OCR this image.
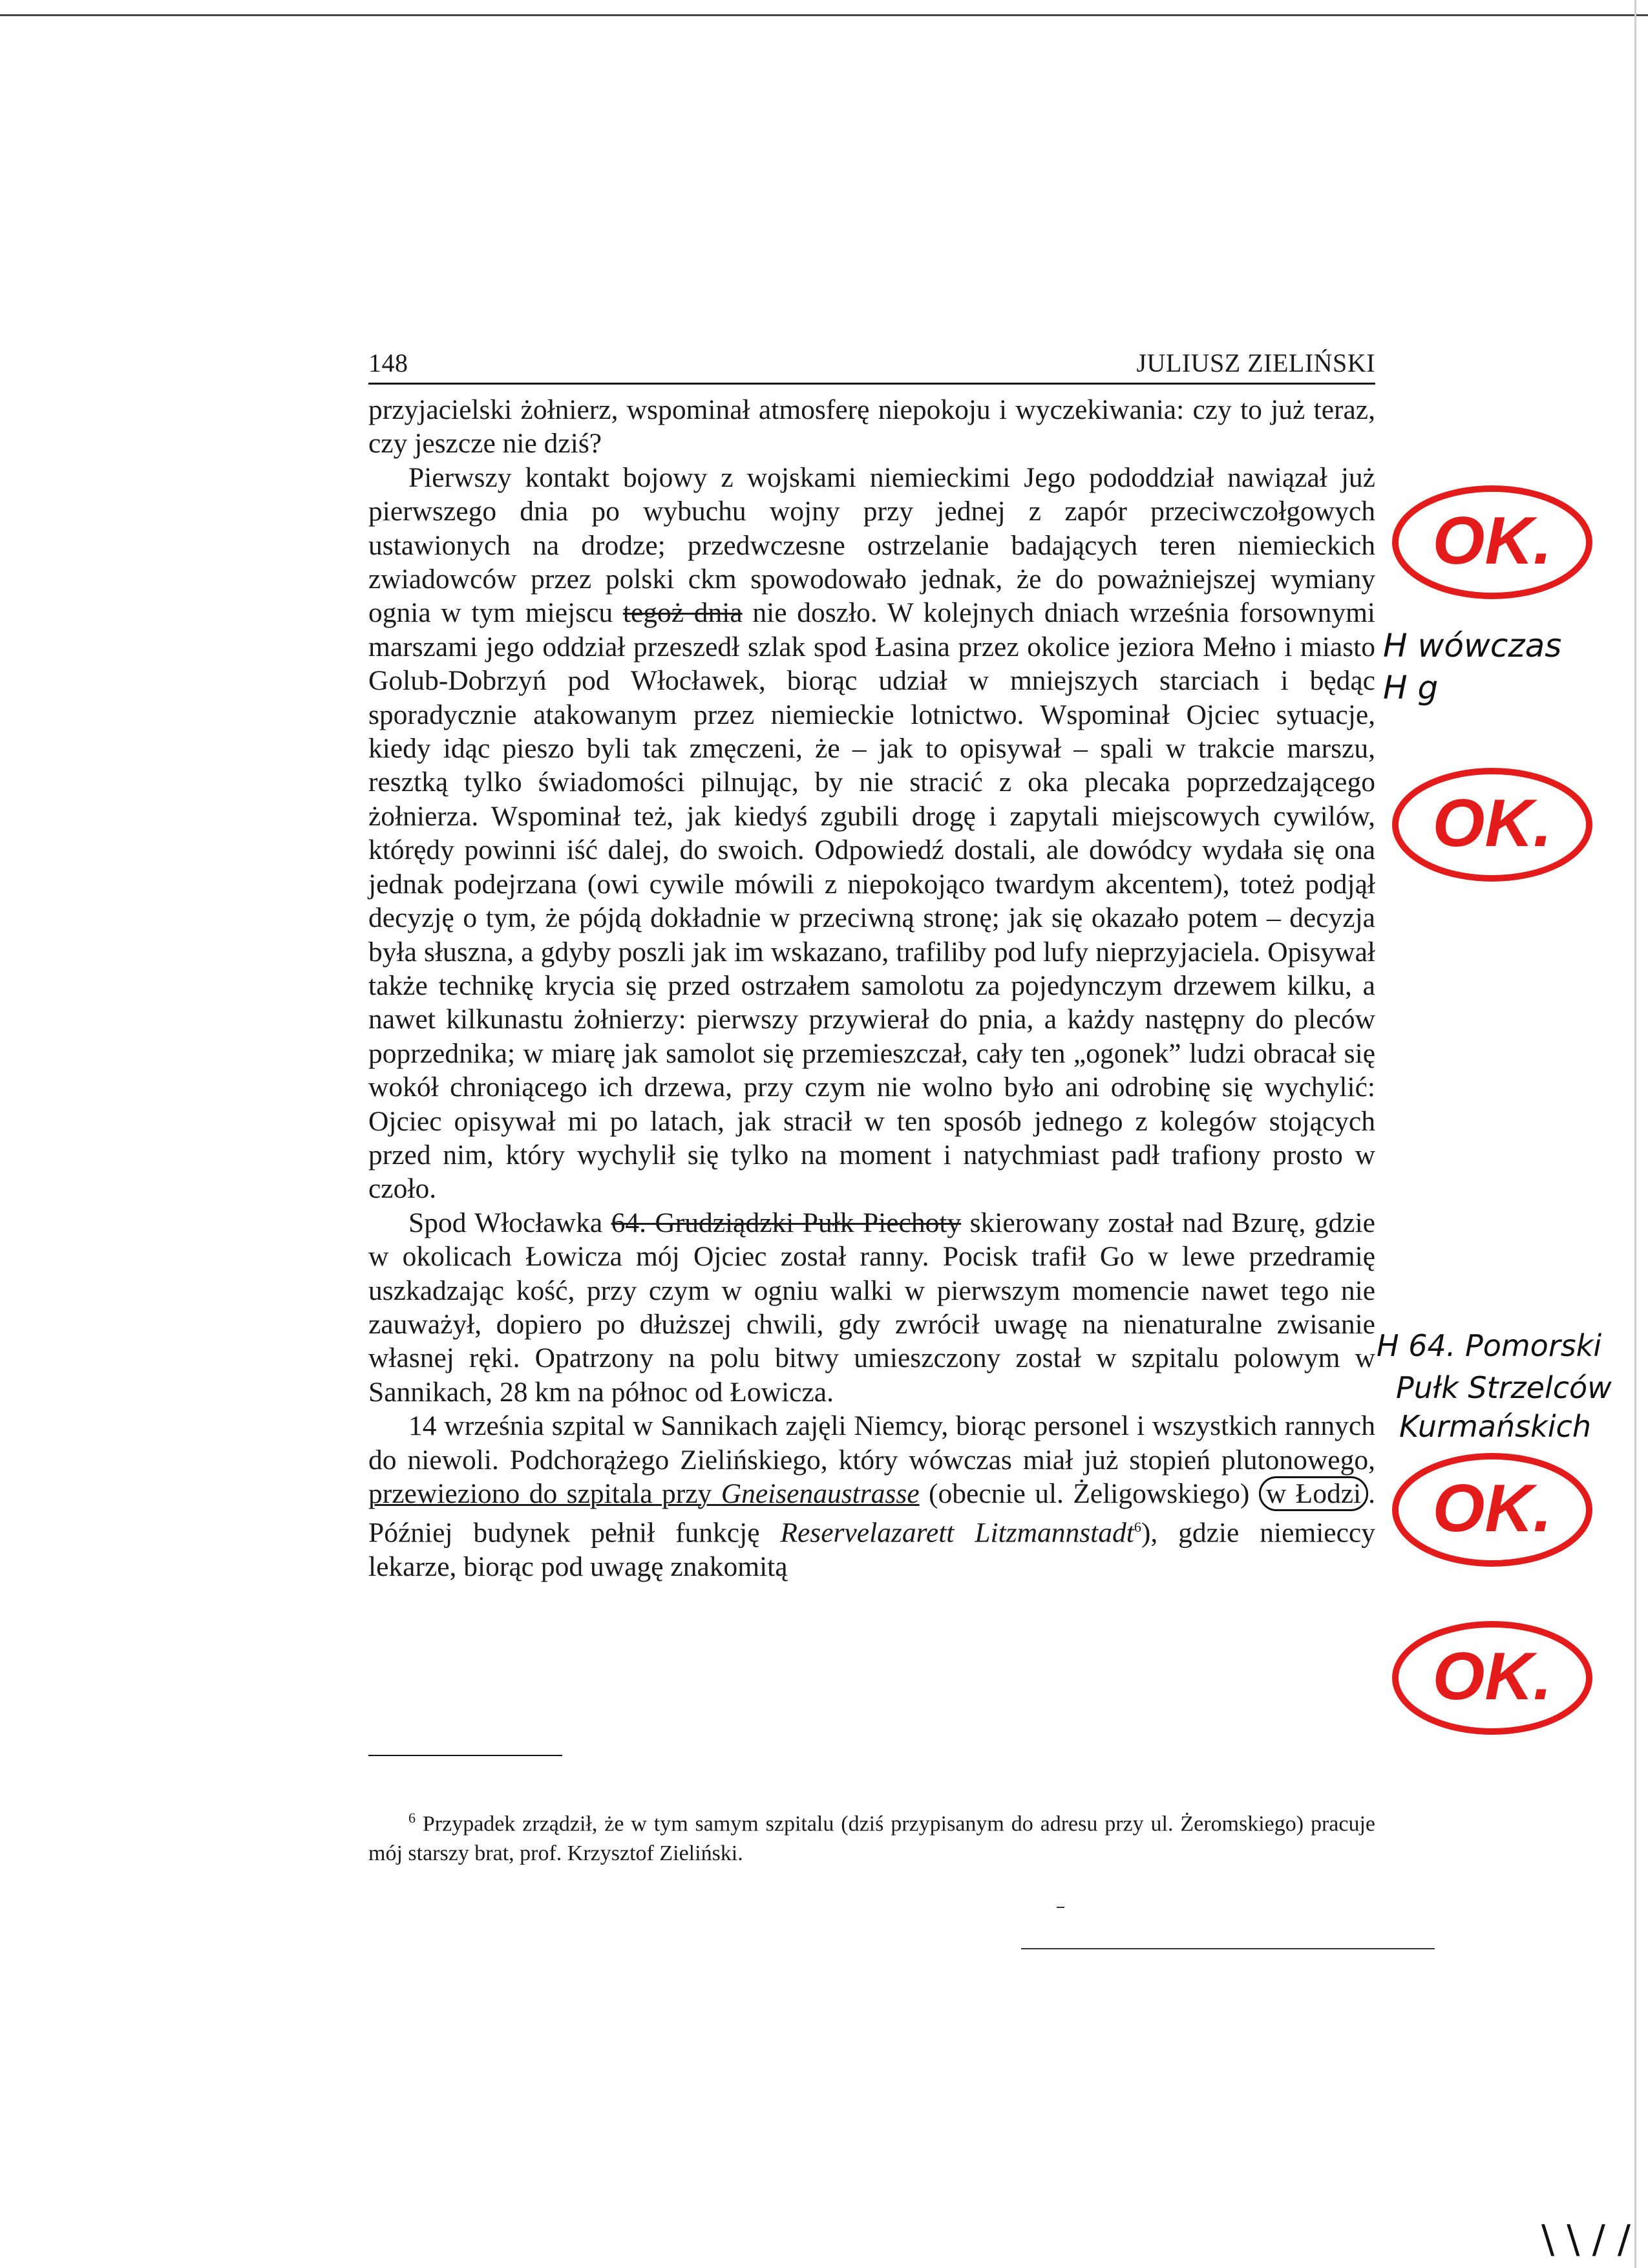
148	JULIUSZ ZIELIŃSKI

przyjacielski żołnierz, wspominał atmosferę niepokoju i wyczekiwania: czy to już teraz, czy jeszcze nie dziś?

Pierwszy kontakt bojowy z wojskami niemieckimi Jego pododdział nawiązał już pierwszego dnia po wybuchu wojny przy jednej z zapór przeciwczołgowych ustawionych na drodze; przedwczesne ostrzelanie badających teren niemieckich zwiadowców przez polski ckm spowodowało jednak, że do poważniejszej wymiany ognia w tym miejscu tegoż dnia nie doszło. W kolejnych dniach września forsownymi marszami jego oddział przeszedł szlak spod Łasina przez okolice jeziora Mełno i miasto Golub-Dobrzyń pod Włocławek, biorąc udział w mniejszych starciach i będąc sporadycznie atakowanym przez niemieckie lotnictwo. Wspominał Ojciec sytuacje, kiedy idąc pieszo byli tak zmęczeni, że – jak to opisywał – spali w trakcie marszu, resztką tylko świadomości pilnując, by nie stracić z oka plecaka poprzedzającego żołnierza. Wspominał też, jak kiedyś zgubili drogę i zapytali miejscowych cywilów, którędy powinni iść dalej, do swoich. Odpowiedź dostali, ale dowódcy wydała się ona jednak podejrzana (owi cywile mówili z niepokojąco twardym akcentem), toteż podjął decyzję o tym, że pójdą dokładnie w przeciwną stronę; jak się okazało potem – decyzja była słuszna, a gdyby poszli jak im wskazano, trafiliby pod lufy nieprzyjaciela. Opisywał także technikę krycia się przed ostrzałem samolotu za pojedynczym drzewem kilku, a nawet kilkunastu żołnierzy: pierwszy przywierał do pnia, a każdy następny do pleców poprzednika; w miarę jak samolot się przemieszczał, cały ten „ogonek” ludzi obracał się wokół chroniącego ich drzewa, przy czym nie wolno było ani odrobinę się wychylić: Ojciec opisywał mi po latach, jak stracił w ten sposób jednego z kolegów stojących przed nim, który wychylił się tylko na moment i natychmiast padł trafiony prosto w czoło.

Spod Włocławka 64. Grudziądzki Pułk Piechoty skierowany został nad Bzurę, gdzie w okolicach Łowicza mój Ojciec został ranny. Pocisk trafił Go w lewe przedramię uszkadzając kość, przy czym w ogniu walki w pierwszym momencie nawet tego nie zauważył, dopiero po dłuższej chwili, gdy zwrócił uwagę na nienaturalne zwisanie własnej ręki. Opatrzony na polu bitwy umieszczony został w szpitalu polowym w Sannikach, 28 km na północ od Łowicza.

14 września szpital w Sannikach zajęli Niemcy, biorąc personel i wszystkich rannych do niewoli. Podchorążego Zielińskiego, który wówczas miał już stopień plutonowego, przewieziono do szpitala przy Gneisenaustrasse (obecnie ul. Żeligowskiego) w Łodzi . Później budynek pełnił funkcję Reservelazarett Litzmannstadt$^6$), gdzie niemieccy lekarze, biorąc pod uwagę znakomitą

$^6$ Przypadek zrządził, że w tym samym szpitalu (dziś przypisanym do adresu przy ul. Żeromskiego) pracuje mój starszy brat, prof. Krzysztof Zieliński.
OK.
OK.
OK.
OK.
H wówczas
H g
H 64. Pomorski
Pułk Strzelców
Kurmańskich
\ \ / /
